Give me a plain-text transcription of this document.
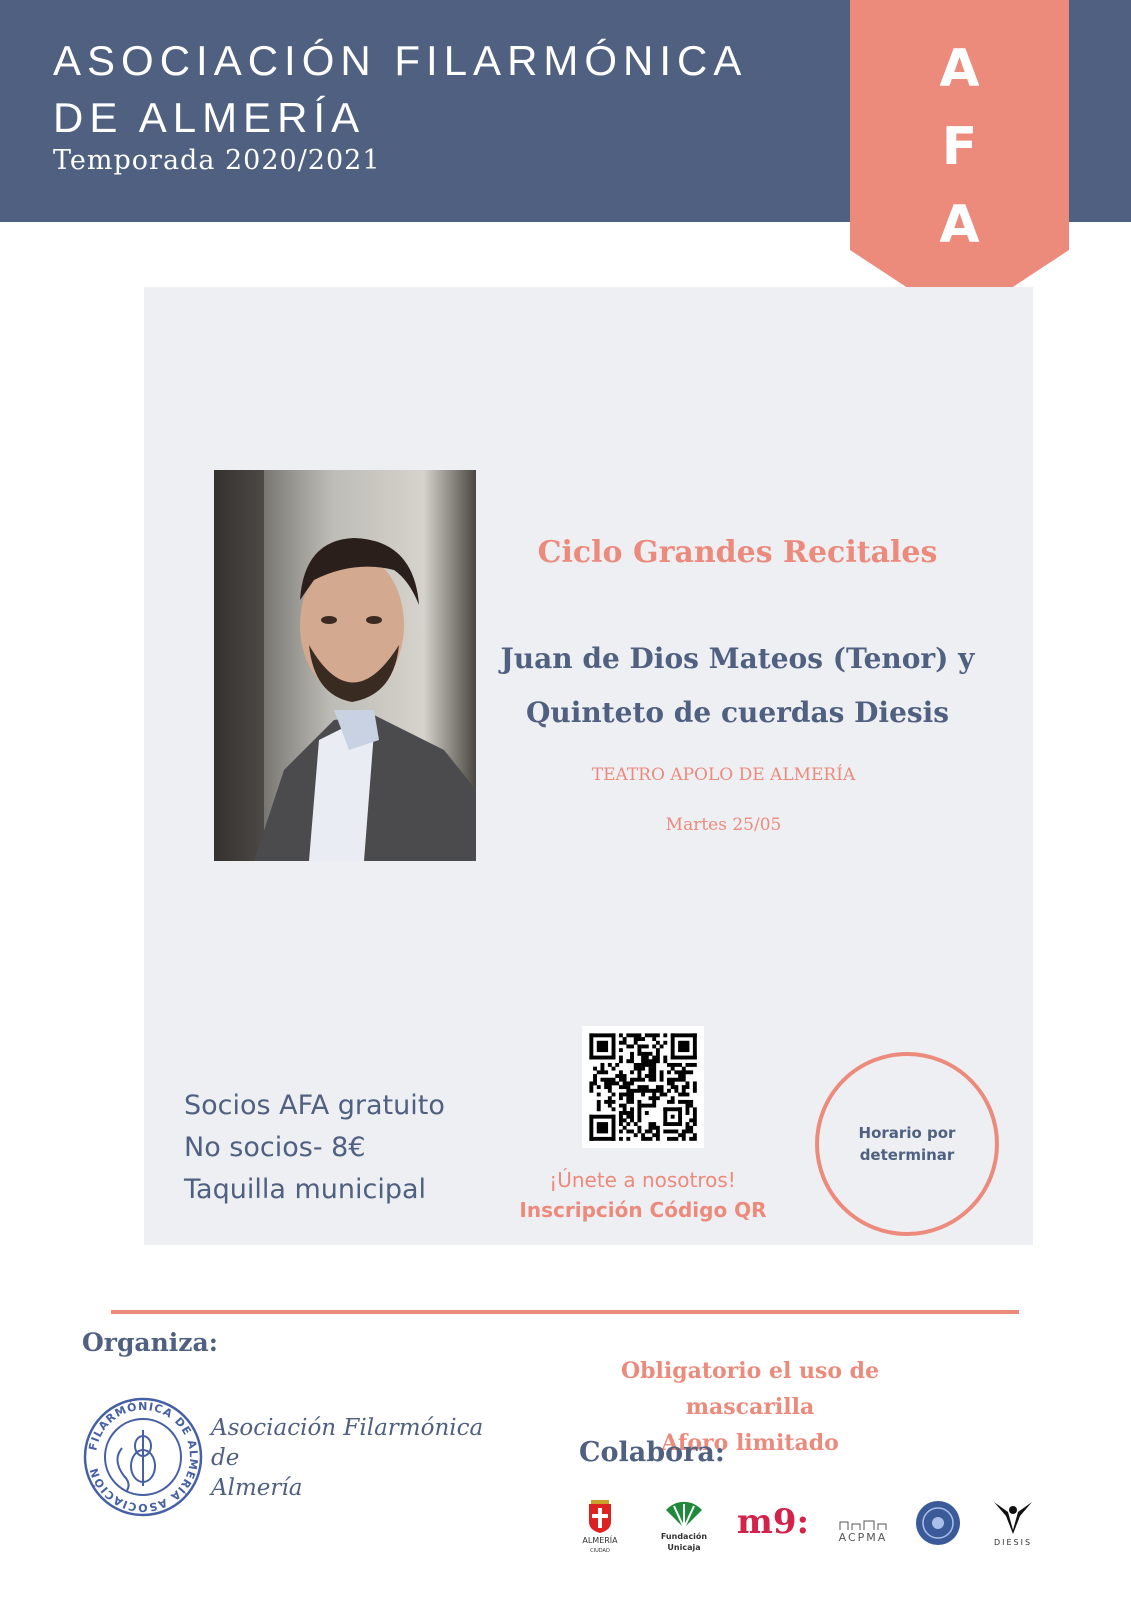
ASOCIACIÓN FILARMÓNICA
DE ALMERÍA
Temporada 2020/2021
A
F
A
Ciclo Grandes Recitales
Juan de Dios Mateos (Tenor) y
Quinteto de cuerdas Diesis
TEATRO APOLO DE ALMERÍA
Martes 25/05
Socios AFA gratuito
No socios- 8€
Taquilla municipal	¡Únete a nosotros!
Inscripción Código QR
Horario por determinar
Organiza:
FILARMÓNICA DE ALMERÍA ASOCIACIÓN
Asociación Filarmónica
de
Almería
Obligatorio el uso de mascarilla
Aforo limitado
Colabora:
ALMERÍA
CIUDAD
Fundación
Unicaja
m9:	ACPMA	DIESIS
